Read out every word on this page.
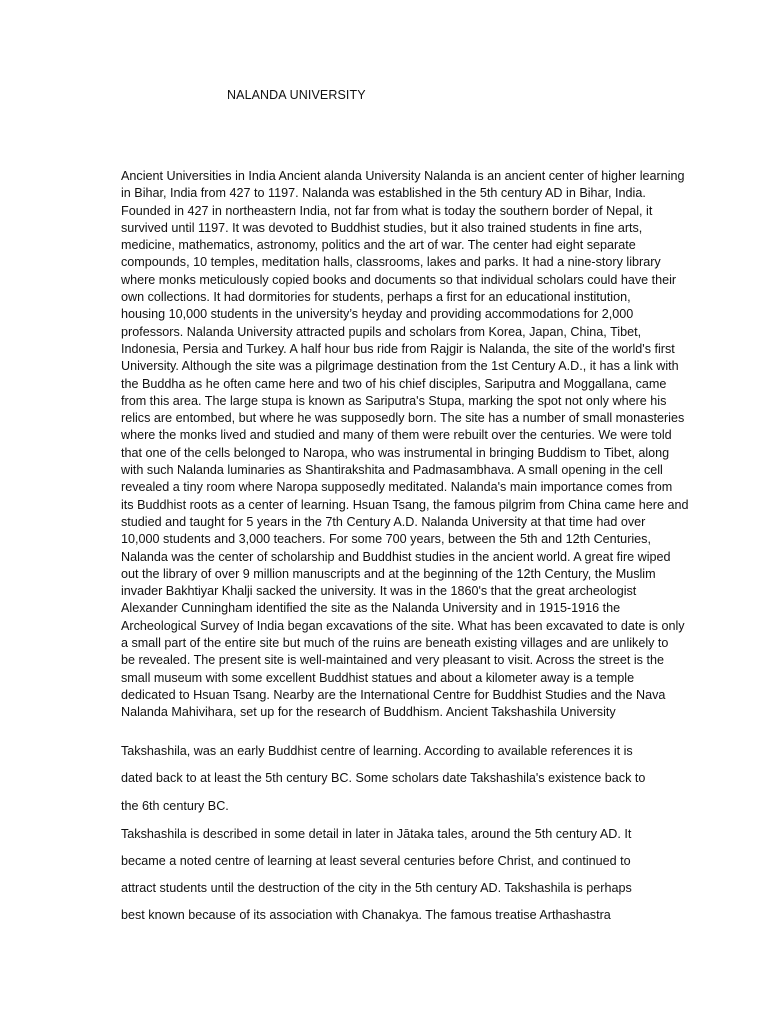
NALANDA UNIVERSITY
Ancient Universities in India Ancient alanda University Nalanda is an ancient center of higher learning
in Bihar, India from 427 to 1197. Nalanda was established in the 5th century AD in Bihar, India.
Founded in 427 in northeastern India, not far from what is today the southern border of Nepal, it
survived until 1197. It was devoted to Buddhist studies, but it also trained students in fine arts,
medicine, mathematics, astronomy, politics and the art of war. The center had eight separate
compounds, 10 temples, meditation halls, classrooms, lakes and parks. It had a nine-story library
where monks meticulously copied books and documents so that individual scholars could have their
own collections. It had dormitories for students, perhaps a first for an educational institution,
housing 10,000 students in the university’s heyday and providing accommodations for 2,000
professors. Nalanda University attracted pupils and scholars from Korea, Japan, China, Tibet,
Indonesia, Persia and Turkey. A half hour bus ride from Rajgir is Nalanda, the site of the world's first
University. Although the site was a pilgrimage destination from the 1st Century A.D., it has a link with
the Buddha as he often came here and two of his chief disciples, Sariputra and Moggallana, came
from this area. The large stupa is known as Sariputra's Stupa, marking the spot not only where his
relics are entombed, but where he was supposedly born. The site has a number of small monasteries
where the monks lived and studied and many of them were rebuilt over the centuries. We were told
that one of the cells belonged to Naropa, who was instrumental in bringing Buddism to Tibet, along
with such Nalanda luminaries as Shantirakshita and Padmasambhava. A small opening in the cell
revealed a tiny room where Naropa supposedly meditated. Nalanda's main importance comes from
its Buddhist roots as a center of learning. Hsuan Tsang, the famous pilgrim from China came here and
studied and taught for 5 years in the 7th Century A.D. Nalanda University at that time had over
10,000 students and 3,000 teachers. For some 700 years, between the 5th and 12th Centuries,
Nalanda was the center of scholarship and Buddhist studies in the ancient world. A great fire wiped
out the library of over 9 million manuscripts and at the beginning of the 12th Century, the Muslim
invader Bakhtiyar Khalji sacked the university. It was in the 1860's that the great archeologist
Alexander Cunningham identified the site as the Nalanda University and in 1915-1916 the
Archeological Survey of India began excavations of the site. What has been excavated to date is only
a small part of the entire site but much of the ruins are beneath existing villages and are unlikely to
be revealed. The present site is well-maintained and very pleasant to visit. Across the street is the
small museum with some excellent Buddhist statues and about a kilometer away is a temple
dedicated to Hsuan Tsang. Nearby are the International Centre for Buddhist Studies and the Nava
Nalanda Mahivihara, set up for the research of Buddhism. Ancient Takshashila University
Takshashila, was an early Buddhist centre of learning. According to available references it is
dated back to at least the 5th century BC. Some scholars date Takshashila's existence back to
the 6th century BC.
Takshashila is described in some detail in later in Jātaka tales, around the 5th century AD. It
became a noted centre of learning at least several centuries before Christ, and continued to
attract students until the destruction of the city in the 5th century AD. Takshashila is perhaps
best known because of its association with Chanakya. The famous treatise Arthashastra
